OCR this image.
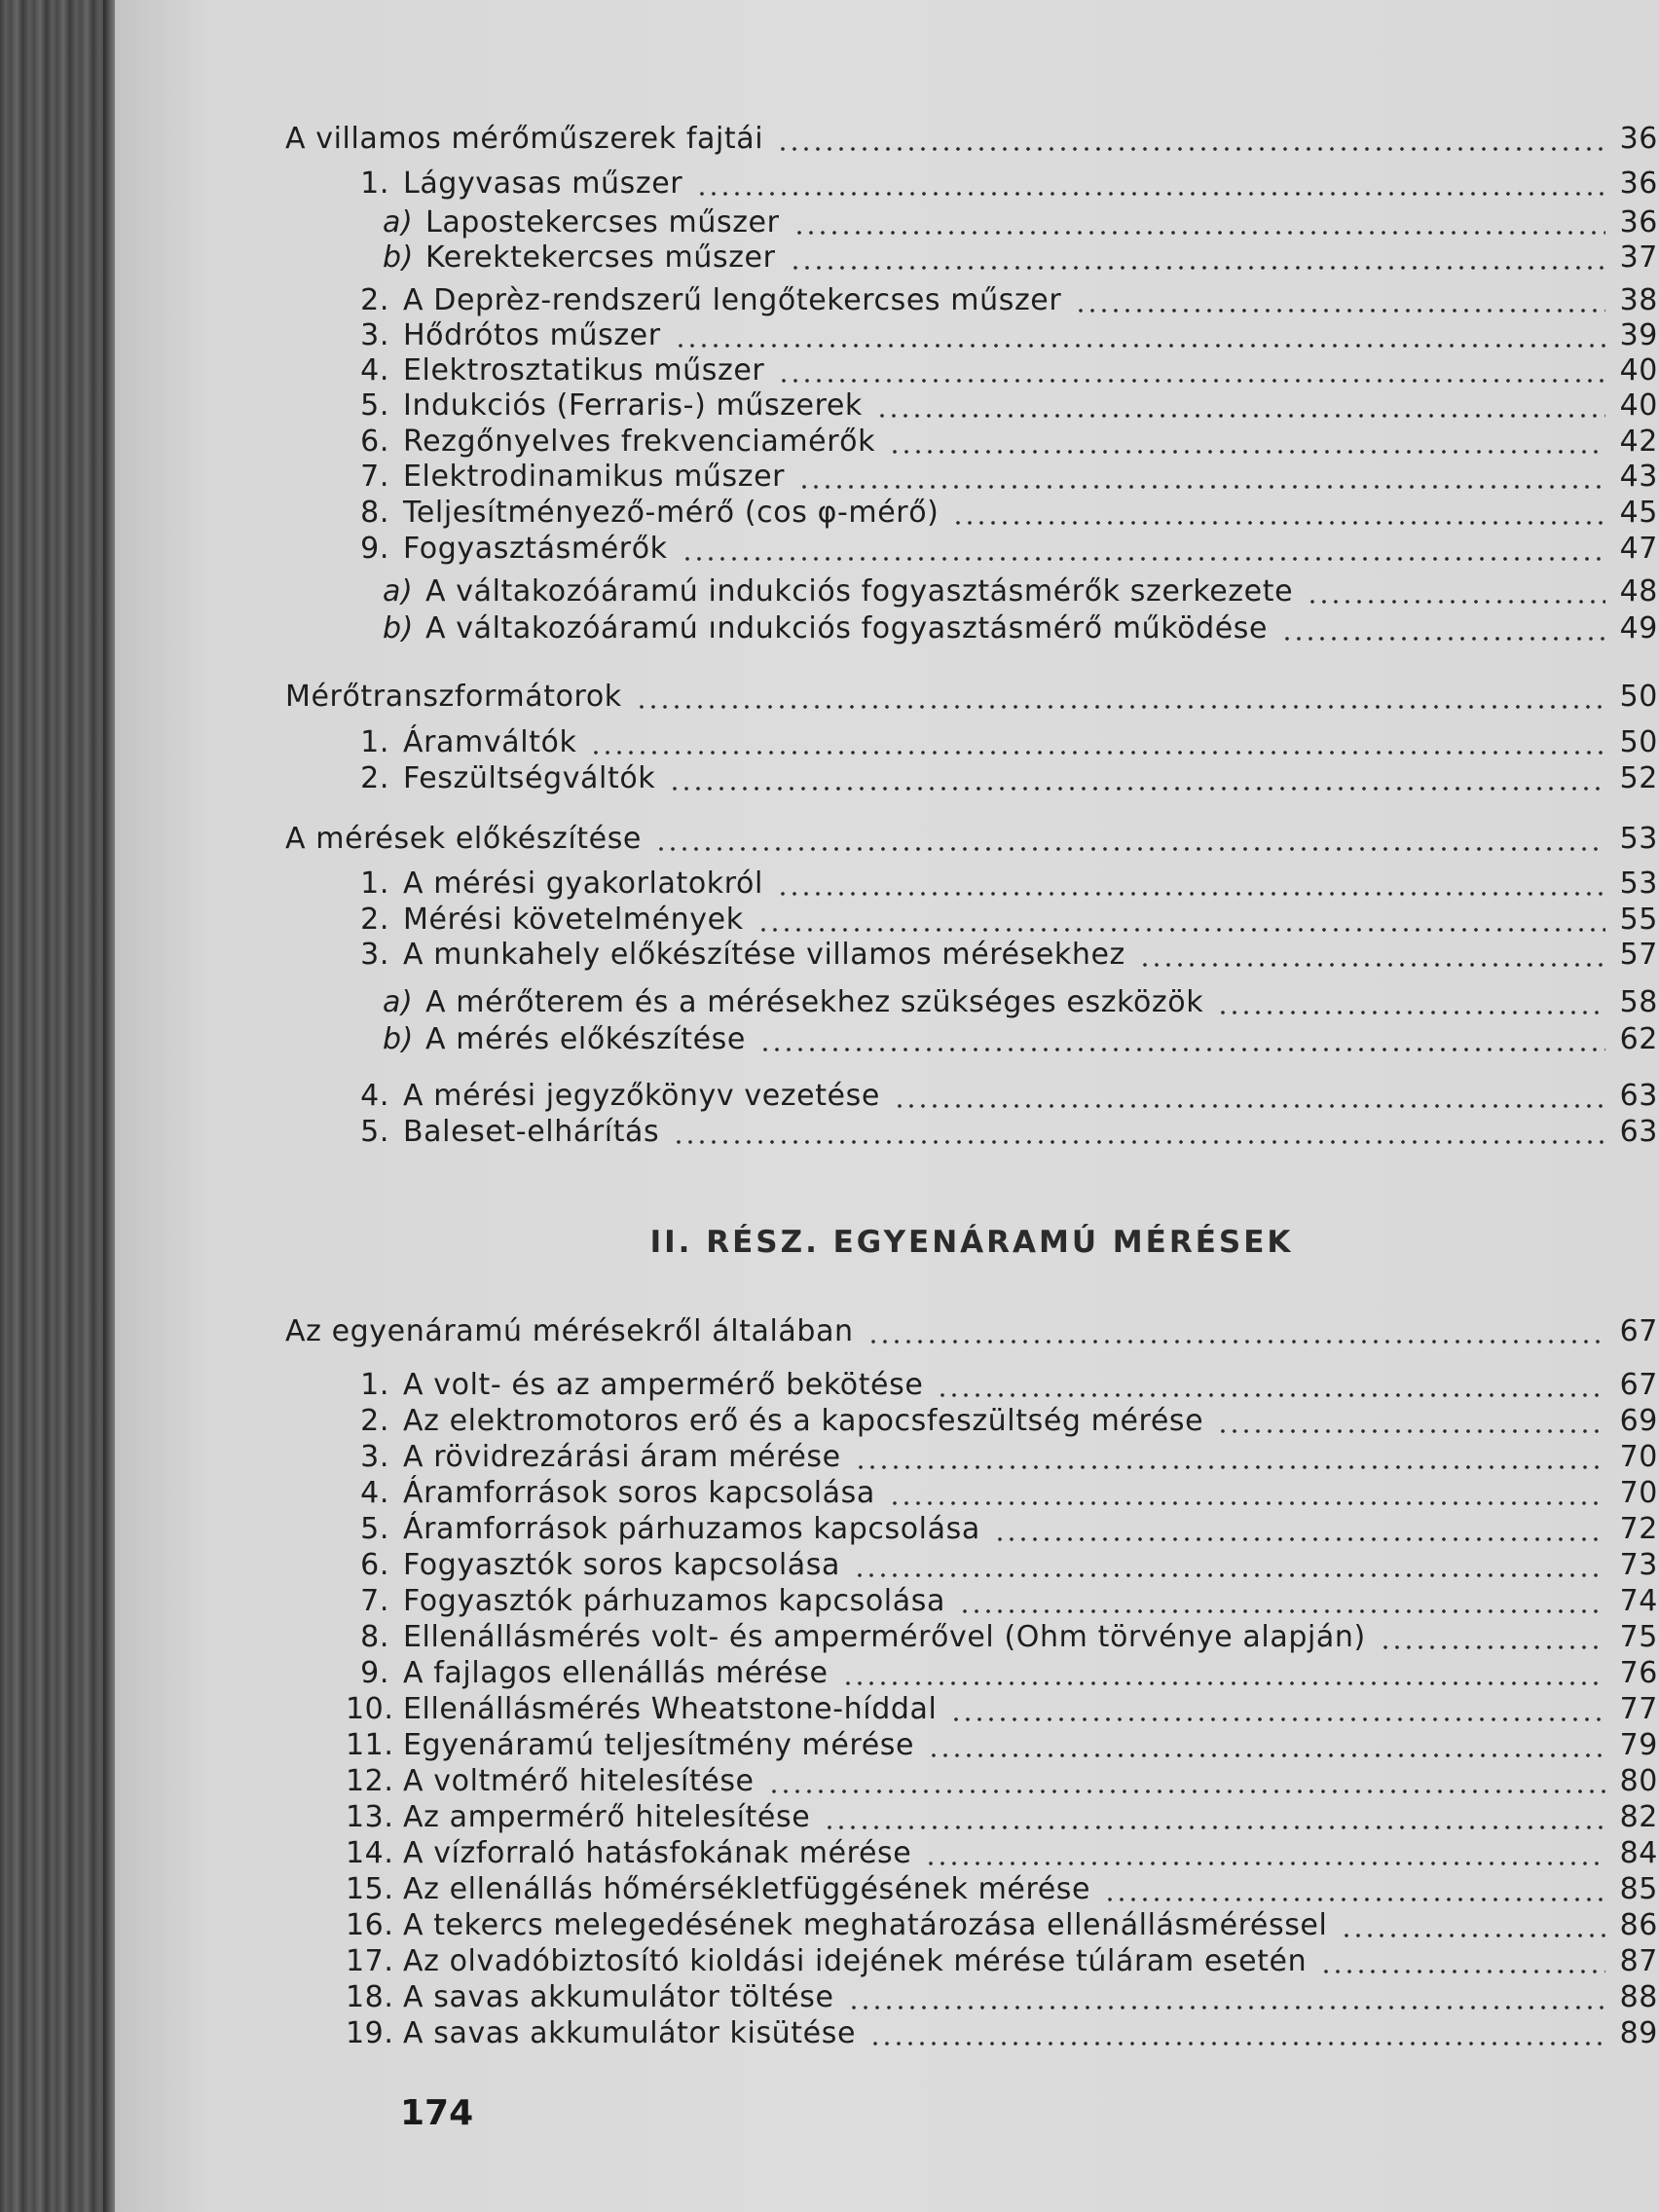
II. RÉSZ. EGYENÁRAMÚ MÉRÉSEK
A villamos mérőműszerek fajtái	36
1. Lágyvasas műszer	36
a) Lapostekercses műszer	36
b) Kerektekercses műszer	37
2. A Deprèz-rendszerű lengőtekercses műszer	38
3. Hődrótos műszer	39
4. Elektrosztatikus műszer	40
5. Indukciós (Ferraris-) műszerek	40
6. Rezgőnyelves frekvenciamérők	42
7. Elektrodinamikus műszer	43
8. Teljesítményező-mérő (cos φ-mérő)	45
9. Fogyasztásmérők	47
a) A váltakozóáramú indukciós fogyasztásmérők szerkezete	48
b) A váltakozóáramú ındukciós fogyasztásmérő működése	49
Mérőtranszformátorok	50
1. Áramváltók	50
2. Feszültségváltók	52
A mérések előkészítése	53
1. A mérési gyakorlatokról	53
2. Mérési követelmények	55
3. A munkahely előkészítése villamos mérésekhez	57
a) A mérőterem és a mérésekhez szükséges eszközök	58
b) A mérés előkészítése	62
4. A mérési jegyzőkönyv vezetése	63
5. Baleset-elhárítás	63
Az egyenáramú mérésekről általában	67
1. A volt- és az ampermérő bekötése	67
2. Az elektromotoros erő és a kapocsfeszültség mérése	69
3. A rövidrezárási áram mérése	70
4. Áramforrások soros kapcsolása	70
5. Áramforrások párhuzamos kapcsolása	72
6. Fogyasztók soros kapcsolása	73
7. Fogyasztók párhuzamos kapcsolása	74
8. Ellenállásmérés volt- és ampermérővel (Ohm törvénye alapján)	75
9. A fajlagos ellenállás mérése	76
10. Ellenállásmérés Wheatstone-híddal	77
11. Egyenáramú teljesítmény mérése	79
12. A voltmérő hitelesítése	80
13. Az ampermérő hitelesítése	82
14. A vízforraló hatásfokának mérése	84
15. Az ellenállás hőmérsékletfüggésének mérése	85
16. A tekercs melegedésének meghatározása ellenállásméréssel	86
17. Az olvadóbiztosító kioldási idejének mérése túláram esetén	87
18. A savas akkumulátor töltése	88
19. A savas akkumulátor kisütése	89
174
